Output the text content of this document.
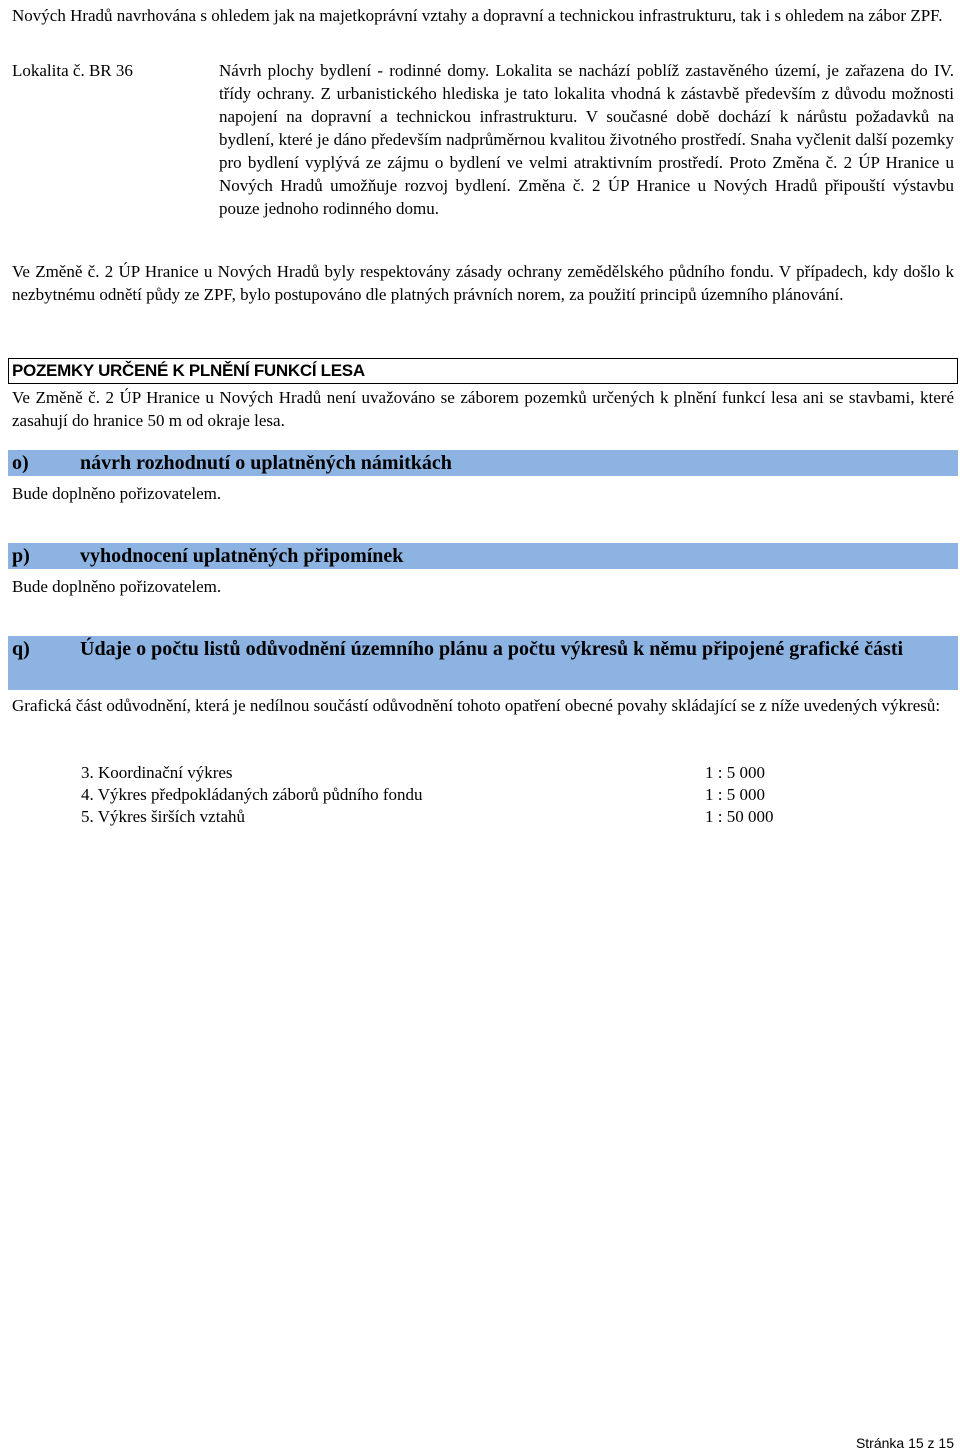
Nových Hradů navrhována s ohledem jak na majetkoprávní vztahy a dopravní a technickou infrastrukturu, tak i s ohledem na zábor ZPF.

Lokalita č. BR 36	Návrh plochy bydlení - rodinné domy. Lokalita se nachází poblíž zastavěného území, je zařazena do IV. třídy ochrany. Z urbanistického hlediska je tato lokalita vhodná k zástavbě především z důvodu možnosti napojení na dopravní a technickou infrastrukturu. V současné době dochází k nárůstu požadavků na bydlení, které je dáno především nadprůměrnou kvalitou životného prostředí. Snaha vyčlenit další pozemky pro bydlení vyplývá ze zájmu o bydlení ve velmi atraktivním prostředí. Proto Změna č. 2 ÚP Hranice u Nových Hradů umožňuje rozvoj bydlení. Změna č. 2 ÚP Hranice u Nových Hradů připouští výstavbu pouze jednoho rodinného domu.

Ve Změně č. 2 ÚP Hranice u Nových Hradů byly respektovány zásady ochrany zemědělského půdního fondu. V případech, kdy došlo k nezbytnému odnětí půdy ze ZPF, bylo postupováno dle platných právních norem, za použití principů územního plánování.

POZEMKY URČENÉ K PLNĚNÍ FUNKCÍ LESA

Ve Změně č. 2 ÚP Hranice u Nových Hradů není uvažováno se záborem pozemků určených k plnění funkcí lesa ani se stavbami, které zasahují do hranice 50 m od okraje lesa.

o)	návrh rozhodnutí o uplatněných námitkách

Bude doplněno pořizovatelem.

p)	vyhodnocení uplatněných připomínek

Bude doplněno pořizovatelem.

q)	Údaje o počtu listů odůvodnění územního plánu a počtu výkresů k němu připojené grafické části

Grafická část odůvodnění, která je nedílnou součástí odůvodnění tohoto opatření obecné povahy skládající se z níže uvedených výkresů:

3. Koordinační výkres	1 : 5 000
4. Výkres předpokládaných záborů půdního fondu	1 : 5 000
5. Výkres širších vztahů	1 : 50 000
Stránka 15 z 15
